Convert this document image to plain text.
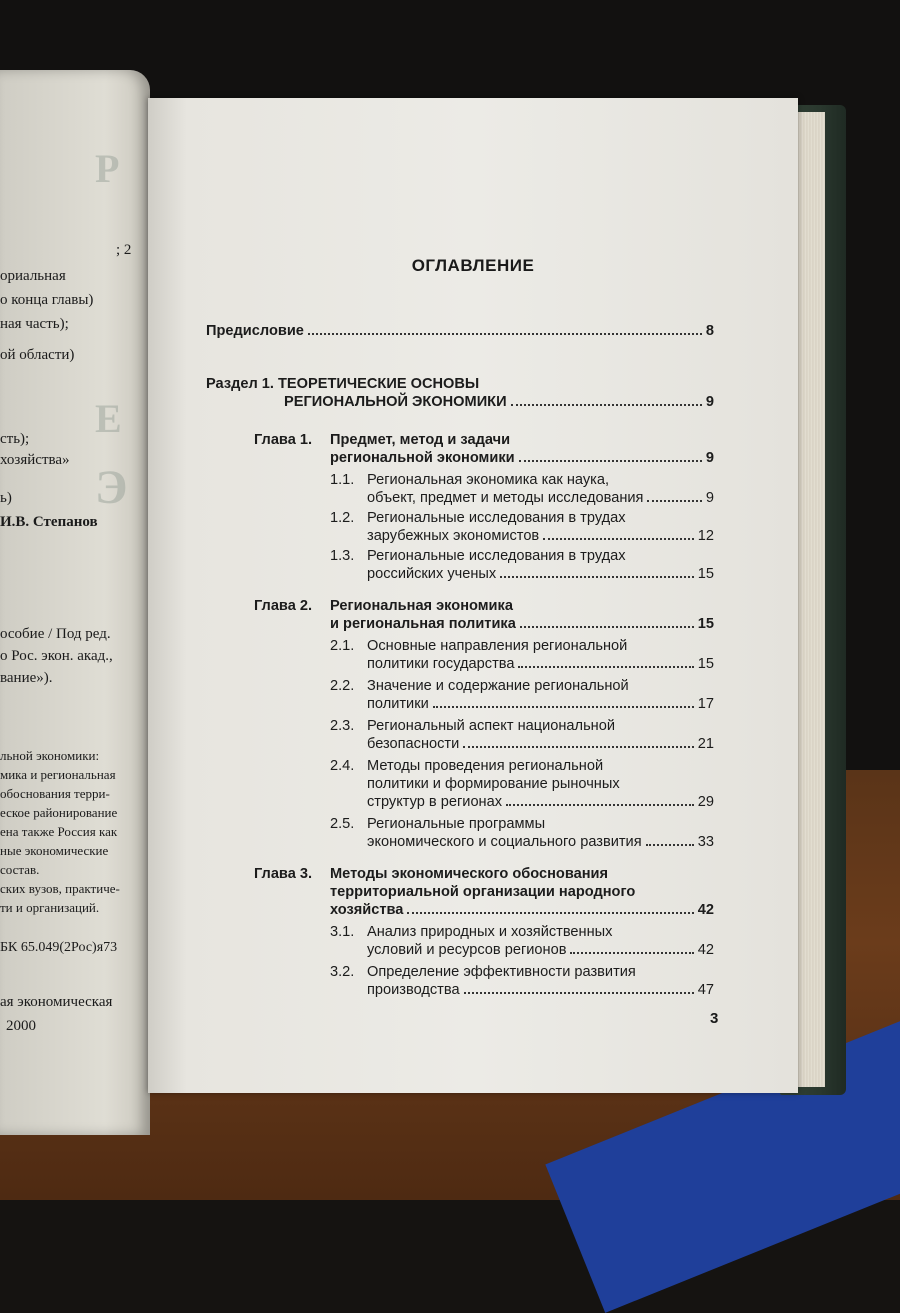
Р
Е
Э
; 2
ориальная
о конца главы)
ная часть);
ой области)
сть);
хозяйства»
ь)
И.В. Степанов
особие / Под ред.
о Рос. экон. акад.,
вание»).
льной экономики:
мика и региональная
обоснования терри-
еское районирование
ена также Россия как
ные экономические
состав.
ских вузов, практиче-
ти и организаций.
БК 65.049(2Рос)я73
ая экономическая
2000
ОГЛАВЛЕНИЕ
Предисловие	8
Раздел 1. ТЕОРЕТИЧЕСКИЕ ОСНОВЫ
РЕГИОНАЛЬНОЙ ЭКОНОМИКИ	9
Глава 1. Предмет, метод и задачи
региональной экономики	9
1.1. Региональная экономика как наука,
объект, предмет и методы исследования	9
1.2. Региональные исследования в трудах
зарубежных экономистов	12
1.3. Региональные исследования в трудах
российских ученых	15
Глава 2. Региональная экономика
и региональная политика	15
2.1. Основные направления региональной
политики государства	15
2.2. Значение и содержание региональной
политики	17
2.3. Региональный аспект национальной
безопасности	21
2.4. Методы проведения региональной
политики и формирование рыночных
структур в регионах	29
2.5. Региональные программы
экономического и социального развития	33
Глава 3. Методы экономического обоснования
территориальной организации народного
хозяйства	42
3.1. Анализ природных и хозяйственных
условий и ресурсов регионов	42
3.2. Определение эффективности развития
производства	47
3
